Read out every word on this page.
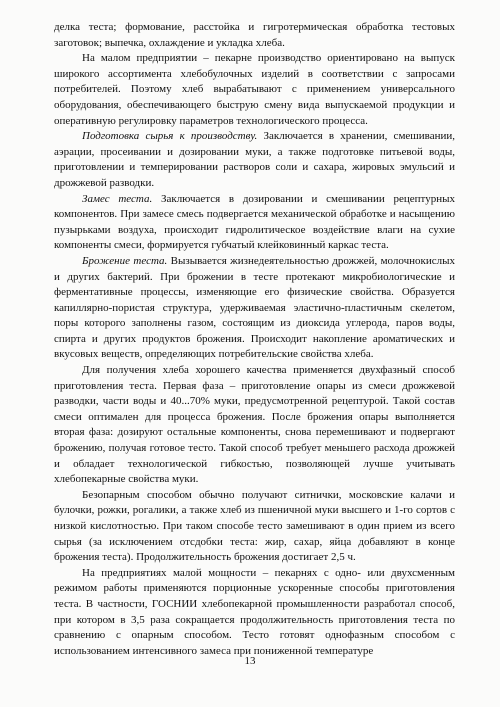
делка теста; формование, расстойка и гигротермическая обработка тестовых заготовок; выпечка, охлаждение и укладка хлеба.

На малом предприятии – пекарне производство ориентировано на выпуск широкого ассортимента хлебобулочных изделий в соответствии с запросами потребителей. Поэтому хлеб вырабатывают с применением универсального оборудования, обеспечивающего быструю смену вида выпускаемой продукции и оперативную регулировку параметров технологического процесса.

Подготовка сырья к производству. Заключается в хранении, смешивании, аэрации, просеивании и дозировании муки, а также подготовке питьевой воды, приготовлении и темперировании растворов соли и сахара, жировых эмульсий и дрожжевой разводки.

Замес теста. Заключается в дозировании и смешивании рецептурных компонентов. При замесе смесь подвергается механической обработке и насыщению пузырьками воздуха, происходит гидролитическое воздействие влаги на сухие компоненты смеси, формируется губчатый клейковинный каркас теста.

Брожение теста. Вызывается жизнедеятельностью дрожжей, молочнокислых и других бактерий. При брожении в тесте протекают микробиологические и ферментативные процессы, изменяющие его физические свойства. Образуется капиллярно-пористая структура, удерживаемая эластично-пластичным скелетом, поры которого заполнены газом, состоящим из диоксида углерода, паров воды, спирта и других продуктов брожения. Происходит накопление ароматических и вкусовых веществ, определяющих потребительские свойства хлеба.

Для получения хлеба хорошего качества применяется двухфазный способ приготовления теста. Первая фаза – приготовление опары из смеси дрожжевой разводки, части воды и 40...70% муки, предусмотренной рецептурой. Такой состав смеси оптимален для процесса брожения. После брожения опары выполняется вторая фаза: дозируют остальные компоненты, снова перемешивают и подвергают брожению, получая готовое тесто. Такой способ требует меньшего расхода дрожжей и обладает технологической гибкостью, позволяющей лучше учитывать хлебопекарные свойства муки.

Безопарным способом обычно получают ситнички, московские калачи и булочки, рожки, рогалики, а также хлеб из пшеничной муки высшего и 1-го сортов с низкой кислотностью. При таком способе тесто замешивают в один прием из всего сырья (за исключением отсдобки теста: жир, сахар, яйца добавляют в конце брожения теста). Продолжительность брожения достигает 2,5 ч.

На предприятиях малой мощности – пекарнях с одно- или двухсменным режимом работы применяются порционные ускоренные способы приготовления теста. В частности, ГОСНИИ хлебопекарной промышленности разработал способ, при котором в 3,5 раза сокращается продолжительность приготовления теста по сравнению с опарным способом. Тесто готовят однофазным способом с использованием интенсивного замеса при пониженной температуре

13
